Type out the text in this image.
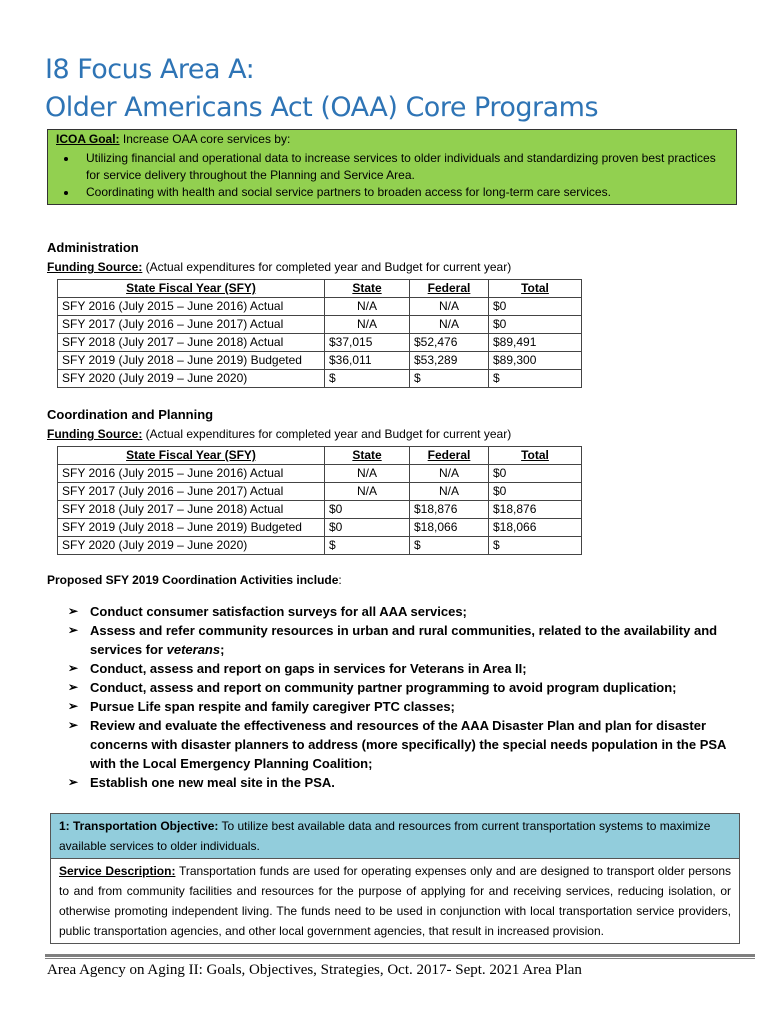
I8 Focus Area A:
Older Americans Act (OAA) Core Programs
ICOA Goal: Increase OAA core services by:
• Utilizing financial and operational data to increase services to older individuals and standardizing proven best practices for service delivery throughout the Planning and Service Area.
• Coordinating with health and social service partners to broaden access for long-term care services.
Administration
Funding Source: (Actual expenditures for completed year and Budget for current year)
State Fiscal Year (SFY)	State	Federal	Total
SFY 2016 (July 2015 – June 2016) Actual	N/A	N/A	$0
SFY 2017 (July 2016 – June 2017) Actual	N/A	N/A	$0
SFY 2018 (July 2017 – June 2018) Actual	$37,015	$52,476	$89,491
SFY 2019 (July 2018 – June 2019) Budgeted	$36,011	$53,289	$89,300
SFY 2020 (July 2019 – June 2020)	$	$	$
Coordination and Planning
Funding Source: (Actual expenditures for completed year and Budget for current year)
State Fiscal Year (SFY)	State	Federal	Total
SFY 2016 (July 2015 – June 2016) Actual	N/A	N/A	$0
SFY 2017 (July 2016 – June 2017) Actual	N/A	N/A	$0
SFY 2018 (July 2017 – June 2018) Actual	$0	$18,876	$18,876
SFY 2019 (July 2018 – June 2019) Budgeted	$0	$18,066	$18,066
SFY 2020 (July 2019 – June 2020)	$	$	$
Proposed SFY 2019 Coordination Activities include:
➢ Conduct consumer satisfaction surveys for all AAA services;
➢ Assess and refer community resources in urban and rural communities, related to the availability and services for veterans;
➢ Conduct, assess and report on gaps in services for Veterans in Area II;
➢ Conduct, assess and report on community partner programming to avoid program duplication;
➢ Pursue Life span respite and family caregiver PTC classes;
➢ Review and evaluate the effectiveness and resources of the AAA Disaster Plan and plan for disaster concerns with disaster planners to address (more specifically) the special needs population in the PSA with the Local Emergency Planning Coalition;
➢ Establish one new meal site in the PSA.
1: Transportation Objective: To utilize best available data and resources from current transportation systems to maximize available services to older individuals.
Service Description: Transportation funds are used for operating expenses only and are designed to transport older persons to and from community facilities and resources for the purpose of applying for and receiving services, reducing isolation, or otherwise promoting independent living. The funds need to be used in conjunction with local transportation service providers, public transportation agencies, and other local government agencies, that result in increased provision.
Area Agency on Aging II: Goals, Objectives, Strategies, Oct. 2017- Sept. 2021 Area Plan
